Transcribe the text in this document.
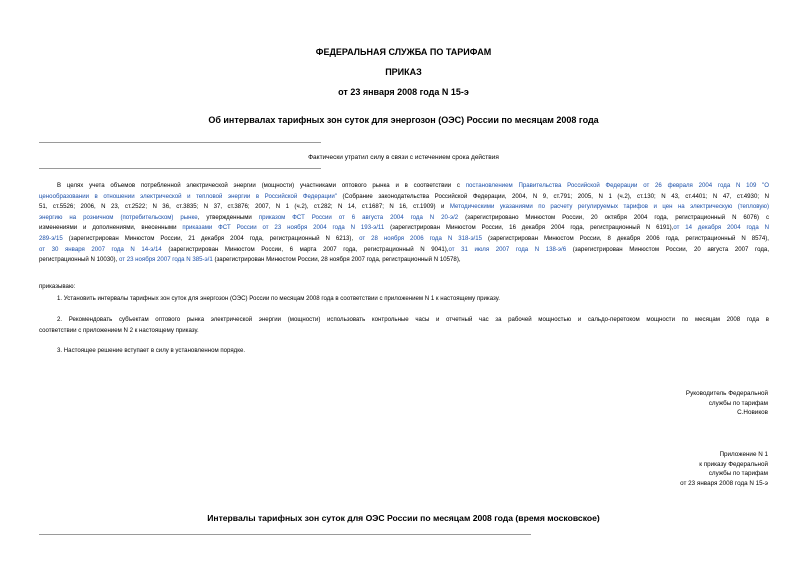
ФЕДЕРАЛЬНАЯ СЛУЖБА ПО ТАРИФАМ
ПРИКАЗ
от 23 января 2008 года N 15-э
Об интервалах тарифных зон суток для энергозон (ОЭС) России по месяцам 2008 года
Фактически утратил силу в связи с истечением срока действия
В целях учета объемов потребленной электрической энергии (мощности) участниками оптового рынка и в соответствии с постановлением Правительства Российской Федерации от 26 февраля 2004 года N 109 "О
ценообразовании в отношении электрической и тепловой энергии в Российской Федерации" (Собрание законодательства Российской Федерации, 2004, N 9, ст.791; 2005, N 1 (ч.2), ст.130; N 43, ст.4401; N 47, ст.4930; N
51, ст.5526; 2006, N 23, ст.2522; N 36, ст.3835; N 37, ст.3876; 2007, N 1 (ч.2), ст.282; N 14, ст.1687; N 16, ст.1909) и Методическими указаниями по расчету регулируемых тарифов и цен на электрическую (тепловую)
энергию на розничном (потребительском) рынке, утвержденными приказом ФСТ России от 6 августа 2004 года N 20-э/2 (зарегистрировано Минюстом России, 20 октября 2004 года, регистрационный N 6076) с
изменениями и дополнениями, внесенными приказами ФСТ России от 23 ноября 2004 года N 193-э/11 (зарегистрирован Минюстом России, 16 декабря 2004 года, регистрационный N 6191),от 14 декабря 2004 года N
289-э/15 (зарегистрирован Минюстом России, 21 декабря 2004 года, регистрационный N 6213), от 28 ноября 2006 года N 318-э/15 (зарегистрирован Минюстом России, 8 декабря 2006 года, регистрационный N 8574),
от 30 января 2007 года N 14-э/14 (зарегистрирован Минюстом России, 6 марта 2007 года, регистрационный N 9041),от 31 июля 2007 года N 138-э/6 (зарегистрирован Минюстом России, 20 августа 2007 года,
регистрационный N 10030), от 23 ноября 2007 года N 385-э/1 (зарегистрирован Минюстом России, 28 ноября 2007 года, регистрационный N 10578),
приказываю:
1. Установить интервалы тарифных зон суток для энергозон (ОЭС) России по месяцам 2008 года в соответствии с приложением N 1 к настоящему приказу.
2. Рекомендовать субъектам оптового рынка электрической энергии (мощности) использовать контрольные часы и отчетный час за рабочей мощностью и сальдо-перетоком мощности по месяцам 2008 года в
соответствии с приложением N 2 к настоящему приказу.
3. Настоящее решение вступает в силу в установленном порядке.
Руководитель Федеральной
службы по тарифам
С.Новиков
Приложение N 1
к приказу Федеральной
службы по тарифам
от 23 января 2008 года N 15-э
Интервалы тарифных зон суток для ОЭС России по месяцам 2008 года (время московское)
